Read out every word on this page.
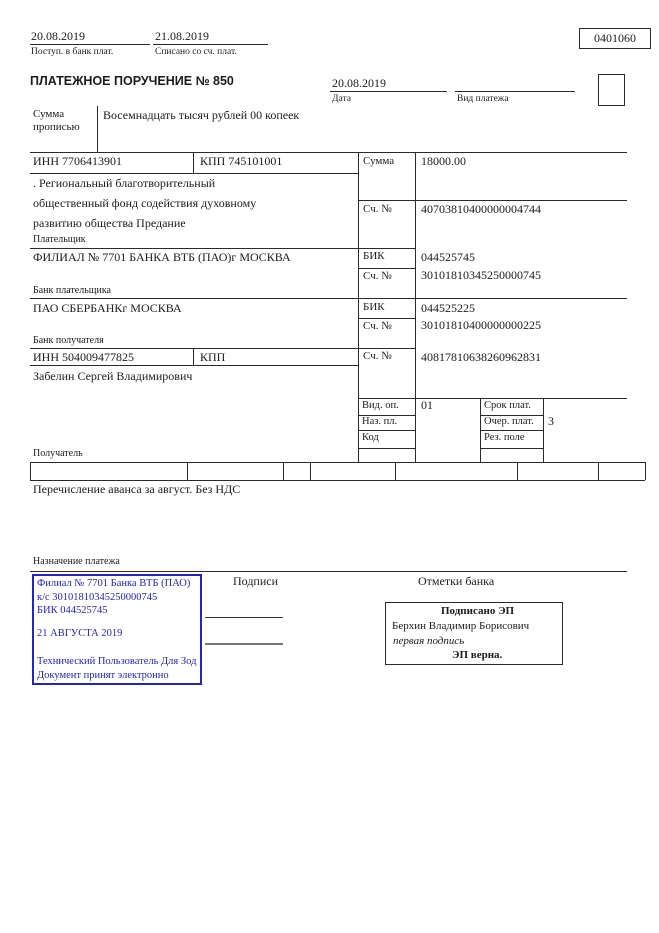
20.08.2019
Поступ. в банк плат.
21.08.2019
Списано со сч. плат.
0401060
ПЛАТЕЖНОЕ ПОРУЧЕНИЕ № 850	20.08.2019
Дата	Вид платежа
Сумма
прописью
Восемнадцать тысяч рублей 00 копеек
ИНН 7706413901	КПП 745101001	Сумма 18000.00
. Региональный благотворительный
общественный фонд содействия духовному
развитию общества Предание
Сч. № 40703810400000004744
Плательщик
ФИЛИАЛ № 7701 БАНКА ВТБ (ПАО)г МОСКВА	БИК	044525745
Сч. № 30101810345250000745
Банк плательщика
ПАО СБЕРБАНКг МОСКВА	БИК	044525225
Сч. № 30101810400000000225
Банк получателя
ИНН 504009477825	КПП	Сч. № 40817810638260962831
Забелин Сергей Владимирович
Вид. оп. 01	Срок плат.
Наз. пл.	Очер. плат. 3
Код	Рез. поле
Получатель
Перечисление аванса за август. Без НДС
Назначение платежа
Филиал № 7701 Банка ВТБ (ПАО)
к/с 30101810345250000745
БИК 044525745
21 АВГУСТА 2019
Технический Пользователь Для Зод
Документ принят электронно
Подписи	Отметки банка
Подписано ЭП
Берхин Владимир Борисович
первая подпись
ЭП верна.
